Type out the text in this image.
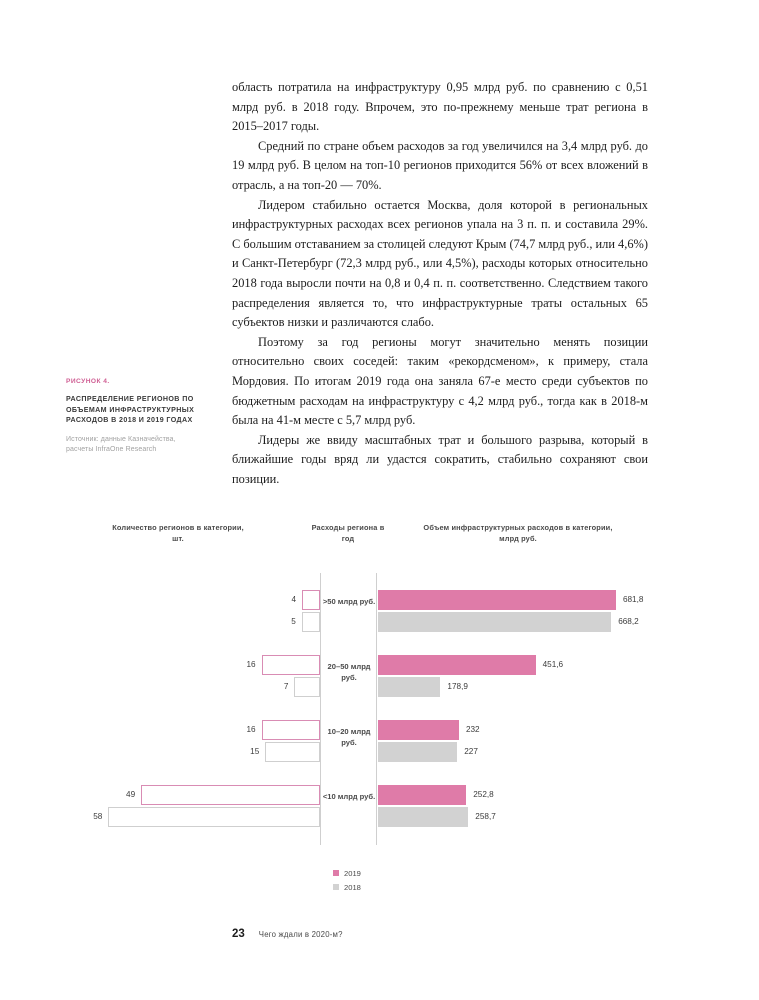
область потратила на инфраструктуру 0,95 млрд руб. по сравнению с 0,51 млрд руб. в 2018 году. Впрочем, это по-прежнему меньше трат региона в 2015–2017 годы.

Средний по стране объем расходов за год увеличился на 3,4 млрд руб. до 19 млрд руб. В целом на топ-10 регионов приходится 56% от всех вложений в отрасль, а на топ-20 — 70%.

Лидером стабильно остается Москва, доля которой в региональных инфраструктурных расходах всех регионов упала на 3 п. п. и составила 29%. С большим отставанием за столицей следуют Крым (74,7 млрд руб., или 4,6%) и Санкт-Петербург (72,3 млрд руб., или 4,5%), расходы которых относительно 2018 года выросли почти на 0,8 и 0,4 п. п. соответственно. Следствием такого распределения является то, что инфраструктурные траты остальных 65 субъектов низки и различаются слабо.

Поэтому за год регионы могут значительно менять позиции относительно своих соседей: таким «рекордсменом», к примеру, стала Мордовия. По итогам 2019 года она заняла 67-е место среди субъектов по бюджетным расходам на инфраструктуру с 4,2 млрд руб., тогда как в 2018-м была на 41-м месте с 5,7 млрд руб.

Лидеры же ввиду масштабных трат и большого разрыва, который в ближайшие годы вряд ли удастся сократить, стабильно сохраняют свои позиции.

РИСУНОК 4.
РАСПРЕДЕЛЕНИЕ РЕГИОНОВ ПО ОБЪЕМАМ ИНФРАСТРУКТУРНЫХ РАСХОДОВ В 2018 И 2019 ГОДАХ
Источник: данные Казначейства, расчеты InfraOne Research
Количество регионов в категории, шт.
Расходы региона в год
Объем инфраструктурных расходов в категории, млрд руб.
>50 млрд руб.
4	681,8
5	668,2
20–50 млрд руб.
16	451,6
7	178,9
10–20 млрд руб.
16	232
15	227
<10 млрд руб.
49	252,8
58	258,7
2019
2018
23 Чего ждали в 2020-м?
